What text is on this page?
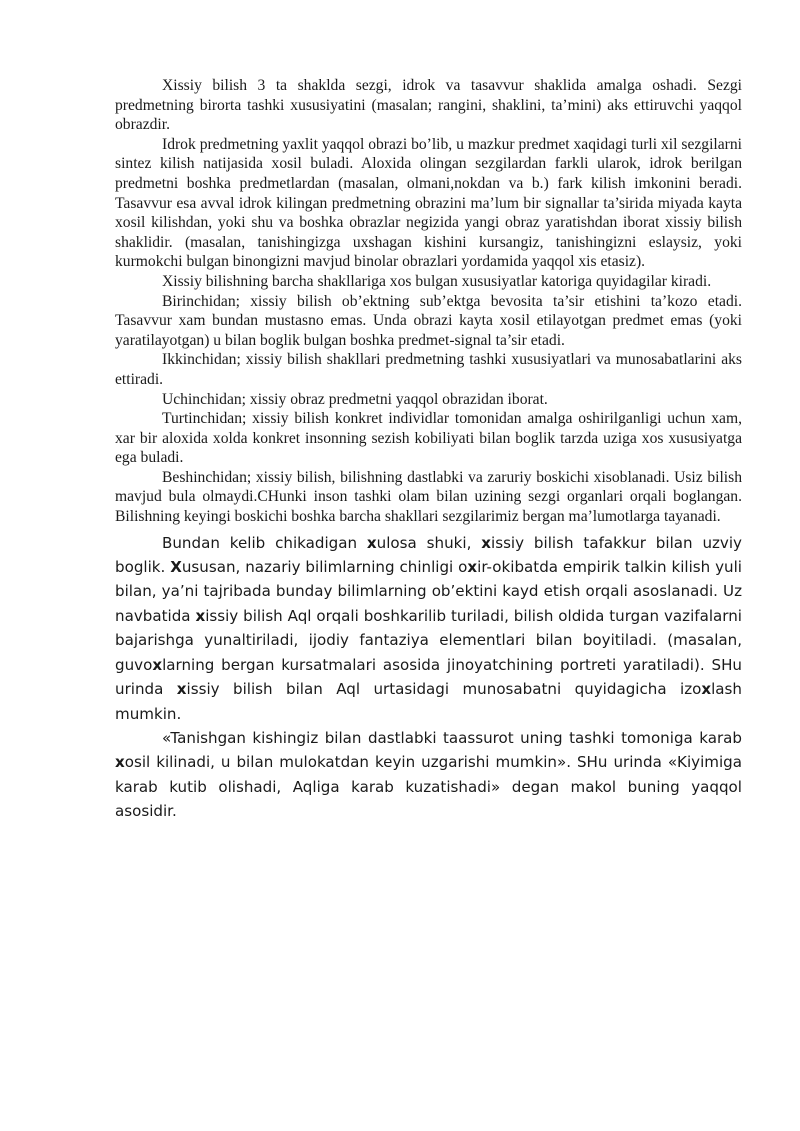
Xissiy bilish 3 ta shaklda sezgi, idrok va tasavvur shaklida amalga oshadi. Sezgi predmetning birorta tashki xususiyatini (masalan; rangini, shaklini, ta’mini) aks ettiruvchi yaqqol obrazdir.

Idrok predmetning yaxlit yaqqol obrazi bo’lib, u mazkur predmet xaqidagi turli xil sezgilarni sintez kilish natijasida xosil buladi. Aloxida olingan sezgilardan farkli ularok, idrok berilgan predmetni boshka predmetlardan (masalan, olmani,nokdan va b.) fark kilish imkonini beradi. Tasavvur esa avval idrok kilingan predmetning obrazini ma’lum bir signallar ta’sirida miyada kayta xosil kilishdan, yoki shu va boshka obrazlar negizida yangi obraz yaratishdan iborat xissiy bilish shaklidir. (masalan, tanishingizga uxshagan kishini kursangiz, tanishingizni eslaysiz, yoki kurmokchi bulgan binongizni mavjud binolar obrazlari yordamida yaqqol xis etasiz).

Xissiy bilishning barcha shakllariga xos bulgan xususiyatlar katoriga quyidagilar kiradi.

Birinchidan; xissiy bilish ob’ektning sub’ektga bevosita ta’sir etishini ta’kozo etadi. Tasavvur xam bundan mustasno emas. Unda obrazi kayta xosil etilayotgan predmet emas (yoki yaratilayotgan) u bilan boglik bulgan boshka predmet-signal ta’sir etadi.

Ikkinchidan; xissiy bilish shakllari predmetning tashki xususiyatlari va munosabatlarini aks ettiradi.

Uchinchidan; xissiy obraz predmetni yaqqol obrazidan iborat.

Turtinchidan; xissiy bilish konkret individlar tomonidan amalga oshirilganligi uchun xam, xar bir aloxida xolda konkret insonning sezish kobiliyati bilan boglik tarzda uziga xos xususiyatga ega buladi.

Beshinchidan; xissiy bilish, bilishning dastlabki va zaruriy boskichi xisoblanadi. Usiz bilish mavjud bula olmaydi.CHunki inson tashki olam bilan uzining sezgi organlari orqali boglangan. Bilishning keyingi boskichi boshka barcha shakllari sezgilarimiz bergan ma’lumotlarga tayanadi.

Bundan kelib chikadigan xulosa shuki, xissiy bilish tafakkur bilan uzviy boglik. Xususan, nazariy bilimlarning chinligi oxir-okibatda empirik talkin kilish yuli bilan, ya’ni tajribada bunday bilimlarning ob’ektini kayd etish orqali asoslanadi. Uz navbatida xissiy bilish Aql orqali boshkarilib turiladi, bilish oldida turgan vazifalarni bajarishga yunaltiriladi, ijodiy fantaziya elementlari bilan boyitiladi. (masalan, guvoxlarning bergan kursatmalari asosida jinoyatchining portreti yaratiladi). SHu urinda xissiy bilish bilan Aql urtasidagi munosabatni quyidagicha izoxlash mumkin.

«Tanishgan kishingiz bilan dastlabki taassurot uning tashki tomoniga karab xosil kilinadi, u bilan mulokatdan keyin uzgarishi mumkin». SHu urinda «Kiyimiga karab kutib olishadi, Aqliga karab kuzatishadi» degan makol buning yaqqol asosidir.
